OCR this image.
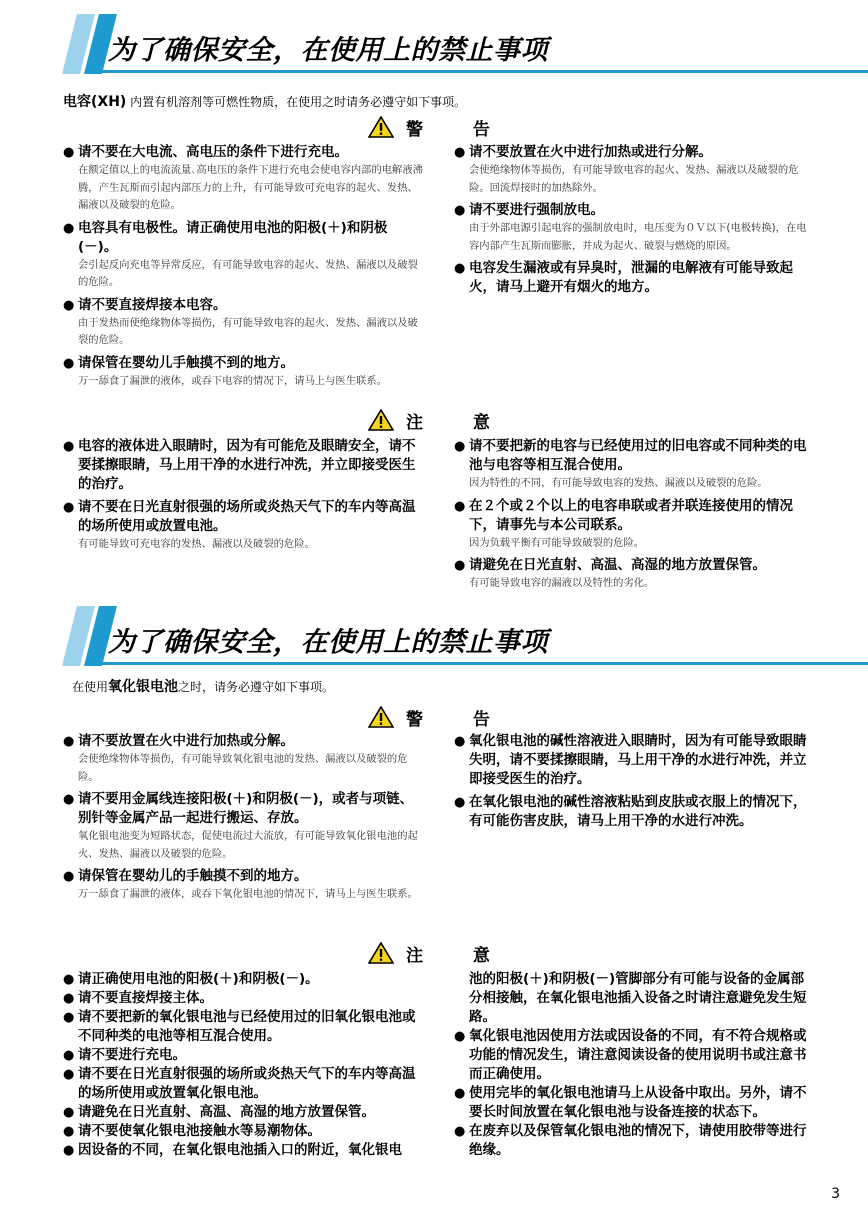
为了确保安全，在使用上的禁止事项
电容(XH) 内置有机溶剂等可燃性物质，在使用之时请务必遵守如下事项。
警 告
● 请不要在大电流、高电压的条件下进行充电。
在额定值以上的电流流量､高电压的条件下进行充电会使电容内部的电解液沸腾，产生瓦斯而引起内部压力的上升，有可能导致可充电容的起火、发热、漏液以及破裂的危险。
● 电容具有电极性。请正确使用电池的阳极(＋)和阴极(－)。
会引起反向充电等异常反应，有可能导致电容的起火、发热、漏液以及破裂的危险。
● 请不要直接焊接本电容。
由于发热而使绝缘物体等损伤，有可能导致电容的起火、发热、漏液以及破裂的危险。
● 请保管在婴幼儿手触摸不到的地方。
万一舔食了漏泄的液体，或吞下电容的情况下，请马上与医生联系。
● 请不要放置在火中进行加热或进行分解。
会使绝缘物体等损伤，有可能导致电容的起火、发热、漏液以及破裂的危险。回流焊接时的加热除外。
● 请不要进行强制放电。
由于外部电源引起电容的强制放电时，电压变为０Ｖ以下(电极转换)，在电容内部产生瓦斯而膨胀，并成为起火、破裂与燃烧的原因。
● 电容发生漏液或有异臭时，泄漏的电解液有可能导致起火，请马上避开有烟火的地方。
注 意
● 电容的液体进入眼睛时，因为有可能危及眼睛安全，请不要揉擦眼睛，马上用干净的水进行冲洗，并立即接受医生的治疗。
● 请不要在日光直射很强的场所或炎热天气下的车内等高温的场所使用或放置电池。
有可能导致可充电容的发热、漏液以及破裂的危险。
● 请不要把新的电容与已经使用过的旧电容或不同种类的电池与电容等相互混合使用。
因为特性的不同，有可能导致电容的发热、漏液以及破裂的危险。
● 在２个或２个以上的电容串联或者并联连接使用的情况下，请事先与本公司联系。
因为负载平衡有可能导致破裂的危险。
● 请避免在日光直射、高温、高湿的地方放置保管。
有可能导致电容的漏液以及特性的劣化。
为了确保安全，在使用上的禁止事项
在使用氧化银电池之时，请务必遵守如下事项。
警 告
● 请不要放置在火中进行加热或分解。
会使绝缘物体等损伤，有可能导致氧化银电池的发热、漏液以及破裂的危险。
● 请不要用金属线连接阳极(＋)和阴极(－)，或者与项链、别针等金属产品一起进行搬运、存放。
氧化银电池变为短路状态，促使电流过大流放，有可能导致氧化银电池的起火、发热、漏液以及破裂的危险。
● 请保管在婴幼儿的手触摸不到的地方。
万一舔食了漏泄的液体，或吞下氧化银电池的情况下，请马上与医生联系。
● 氧化银电池的碱性溶液进入眼睛时，因为有可能导致眼睛失明，请不要揉擦眼睛，马上用干净的水进行冲洗，并立即接受医生的治疗。
● 在氧化银电池的碱性溶液粘贴到皮肤或衣服上的情况下，有可能伤害皮肤，请马上用干净的水进行冲洗。
注 意
● 请正确使用电池的阳极(＋)和阴极(－)。
● 请不要直接焊接主体。
● 请不要把新的氧化银电池与已经使用过的旧氧化银电池或不同种类的电池等相互混合使用。
● 请不要进行充电。
● 请不要在日光直射很强的场所或炎热天气下的车内等高温的场所使用或放置氧化银电池。
● 请避免在日光直射、高温、高湿的地方放置保管。
● 请不要使氧化银电池接触水等易潮物体。
● 因设备的不同，在氧化银电池插入口的附近，氧化银电
池的阳极(＋)和阴极(－)管脚部分有可能与设备的金属部分相接触，在氧化银电池插入设备之时请注意避免发生短路。
● 氧化银电池因使用方法或因设备的不同，有不符合规格或功能的情况发生，请注意阅读设备的使用说明书或注意书而正确使用。
● 使用完毕的氧化银电池请马上从设备中取出。另外，请不要长时间放置在氧化银电池与设备连接的状态下。
● 在废弃以及保管氧化银电池的情况下，请使用胶带等进行绝缘。
3
